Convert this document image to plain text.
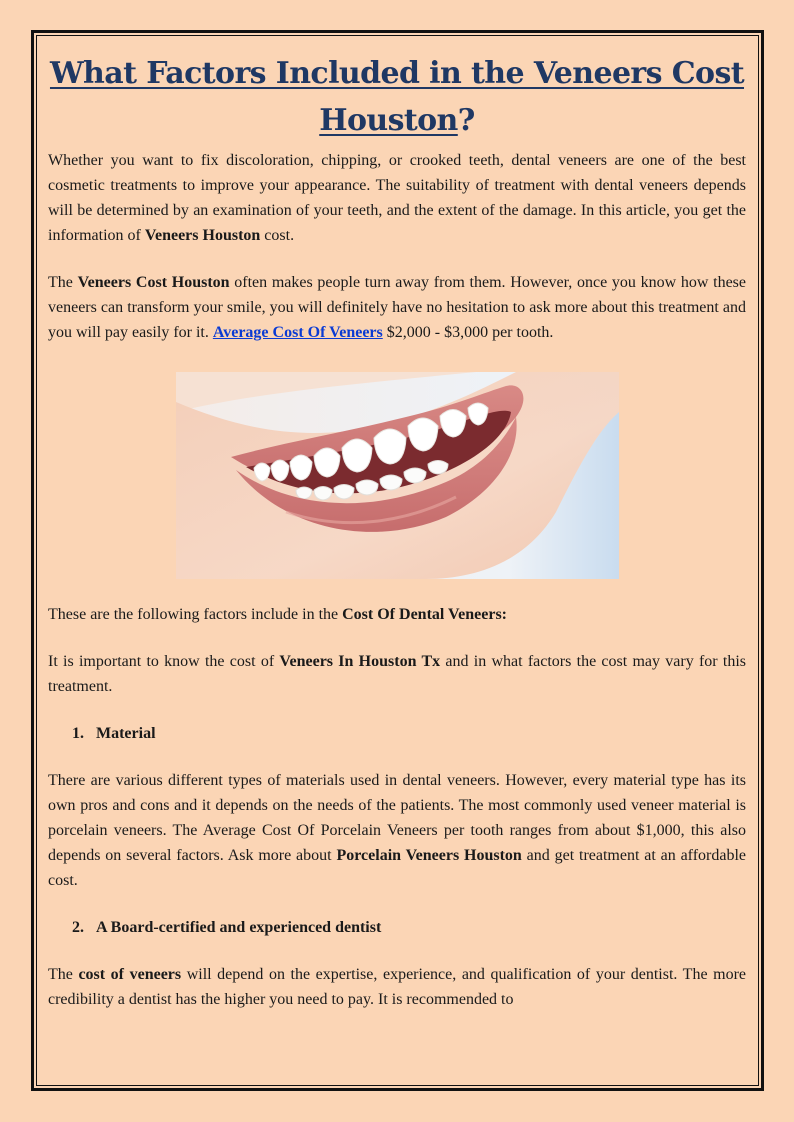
What Factors Included in the Veneers Cost
Houston?

Whether you want to fix discoloration, chipping, or crooked teeth, dental veneers are one of the best cosmetic treatments to improve your appearance. The suitability of treatment with dental veneers depends will be determined by an examination of your teeth, and the extent of the damage. In this article, you get the information of Veneers Houston cost.

The Veneers Cost Houston often makes people turn away from them. However, once you know how these veneers can transform your smile, you will definitely have no hesitation to ask more about this treatment and you will pay easily for it. Average Cost Of Veneers $2,000 - $3,000 per tooth.

These are the following factors include in the Cost Of Dental Veneers:

It is important to know the cost of Veneers In Houston Tx and in what factors the cost may vary for this treatment.

1. Material

There are various different types of materials used in dental veneers. However, every material type has its own pros and cons and it depends on the needs of the patients. The most commonly used veneer material is porcelain veneers. The Average Cost Of Porcelain Veneers per tooth ranges from about $1,000, this also depends on several factors. Ask more about Porcelain Veneers Houston and get treatment at an affordable cost.

2. A Board-certified and experienced dentist

The cost of veneers will depend on the expertise, experience, and qualification of your dentist. The more credibility a dentist has the higher you need to pay. It is recommended to
